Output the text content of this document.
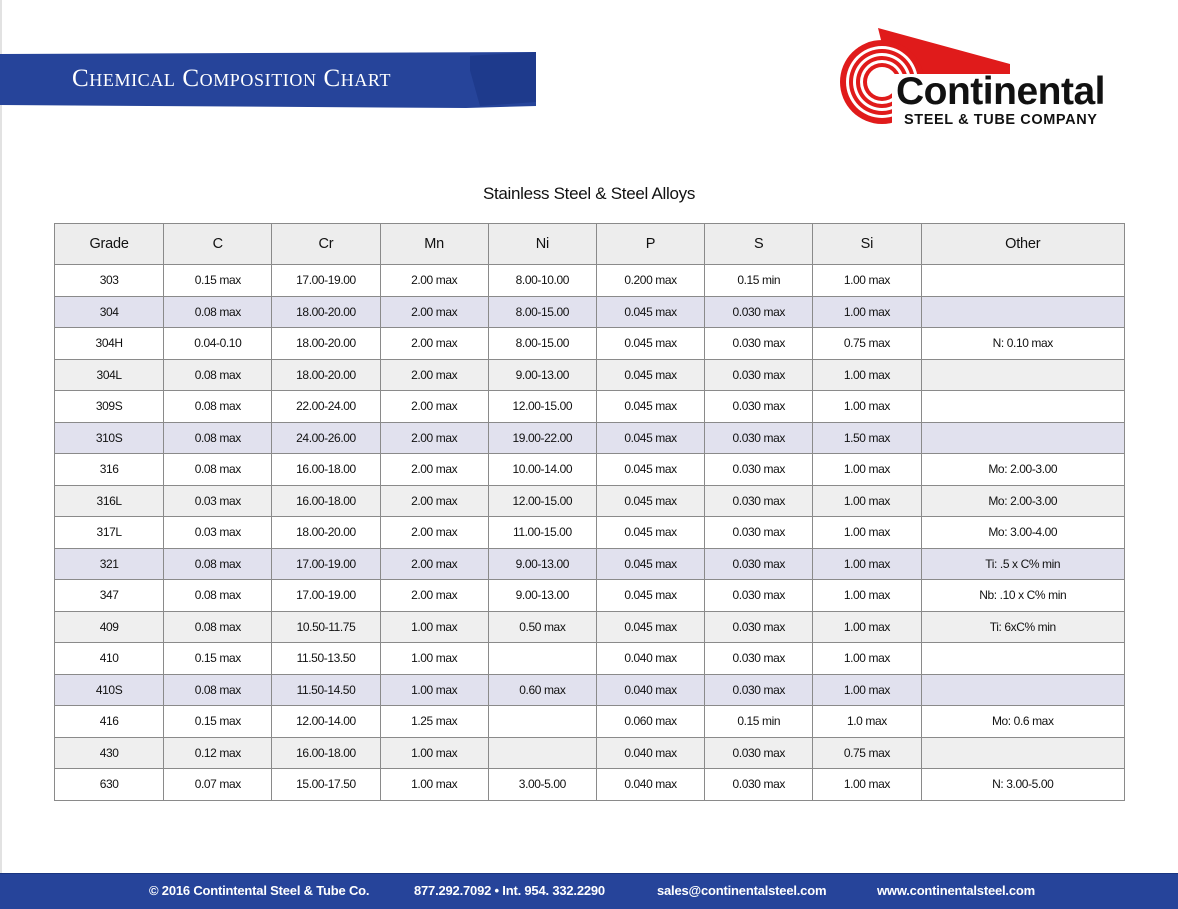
Chemical Composition Chart	Continental
STEEL & TUBE COMPANY
Stainless Steel & Steel Alloys
Grade	C	Cr	Mn	Ni	P	S	Si	Other
303	0.15 max	17.00-19.00	2.00 max	8.00-10.00	0.200 max	0.15 min	1.00 max	
304	0.08 max	18.00-20.00	2.00 max	8.00-15.00	0.045 max	0.030 max	1.00 max	
304H	0.04-0.10	18.00-20.00	2.00 max	8.00-15.00	0.045 max	0.030 max	0.75 max	N: 0.10 max
304L	0.08 max	18.00-20.00	2.00 max	9.00-13.00	0.045 max	0.030 max	1.00 max	
309S	0.08 max	22.00-24.00	2.00 max	12.00-15.00	0.045 max	0.030 max	1.00 max	
310S	0.08 max	24.00-26.00	2.00 max	19.00-22.00	0.045 max	0.030 max	1.50 max	
316	0.08 max	16.00-18.00	2.00 max	10.00-14.00	0.045 max	0.030 max	1.00 max	Mo: 2.00-3.00
316L	0.03 max	16.00-18.00	2.00 max	12.00-15.00	0.045 max	0.030 max	1.00 max	Mo: 2.00-3.00
317L	0.03 max	18.00-20.00	2.00 max	11.00-15.00	0.045 max	0.030 max	1.00 max	Mo: 3.00-4.00
321	0.08 max	17.00-19.00	2.00 max	9.00-13.00	0.045 max	0.030 max	1.00 max	Ti: .5 x C% min
347	0.08 max	17.00-19.00	2.00 max	9.00-13.00	0.045 max	0.030 max	1.00 max	Nb: .10 x C% min
409	0.08 max	10.50-11.75	1.00 max	0.50 max	0.045 max	0.030 max	1.00 max	Ti: 6xC% min
410	0.15 max	11.50-13.50	1.00 max		0.040 max	0.030 max	1.00 max	
410S	0.08 max	11.50-14.50	1.00 max	0.60 max	0.040 max	0.030 max	1.00 max	
416	0.15 max	12.00-14.00	1.25 max		0.060 max	0.15 min	1.0 max	Mo: 0.6 max
430	0.12 max	16.00-18.00	1.00 max		0.040 max	0.030 max	0.75 max	
630	0.07 max	15.00-17.50	1.00 max	3.00-5.00	0.040 max	0.030 max	1.00 max	N: 3.00-5.00
© 2016 Contintental Steel & Tube Co.	877.292.7092 • Int. 954. 332.2290	sales@continentalsteel.com	www.continentalsteel.com
